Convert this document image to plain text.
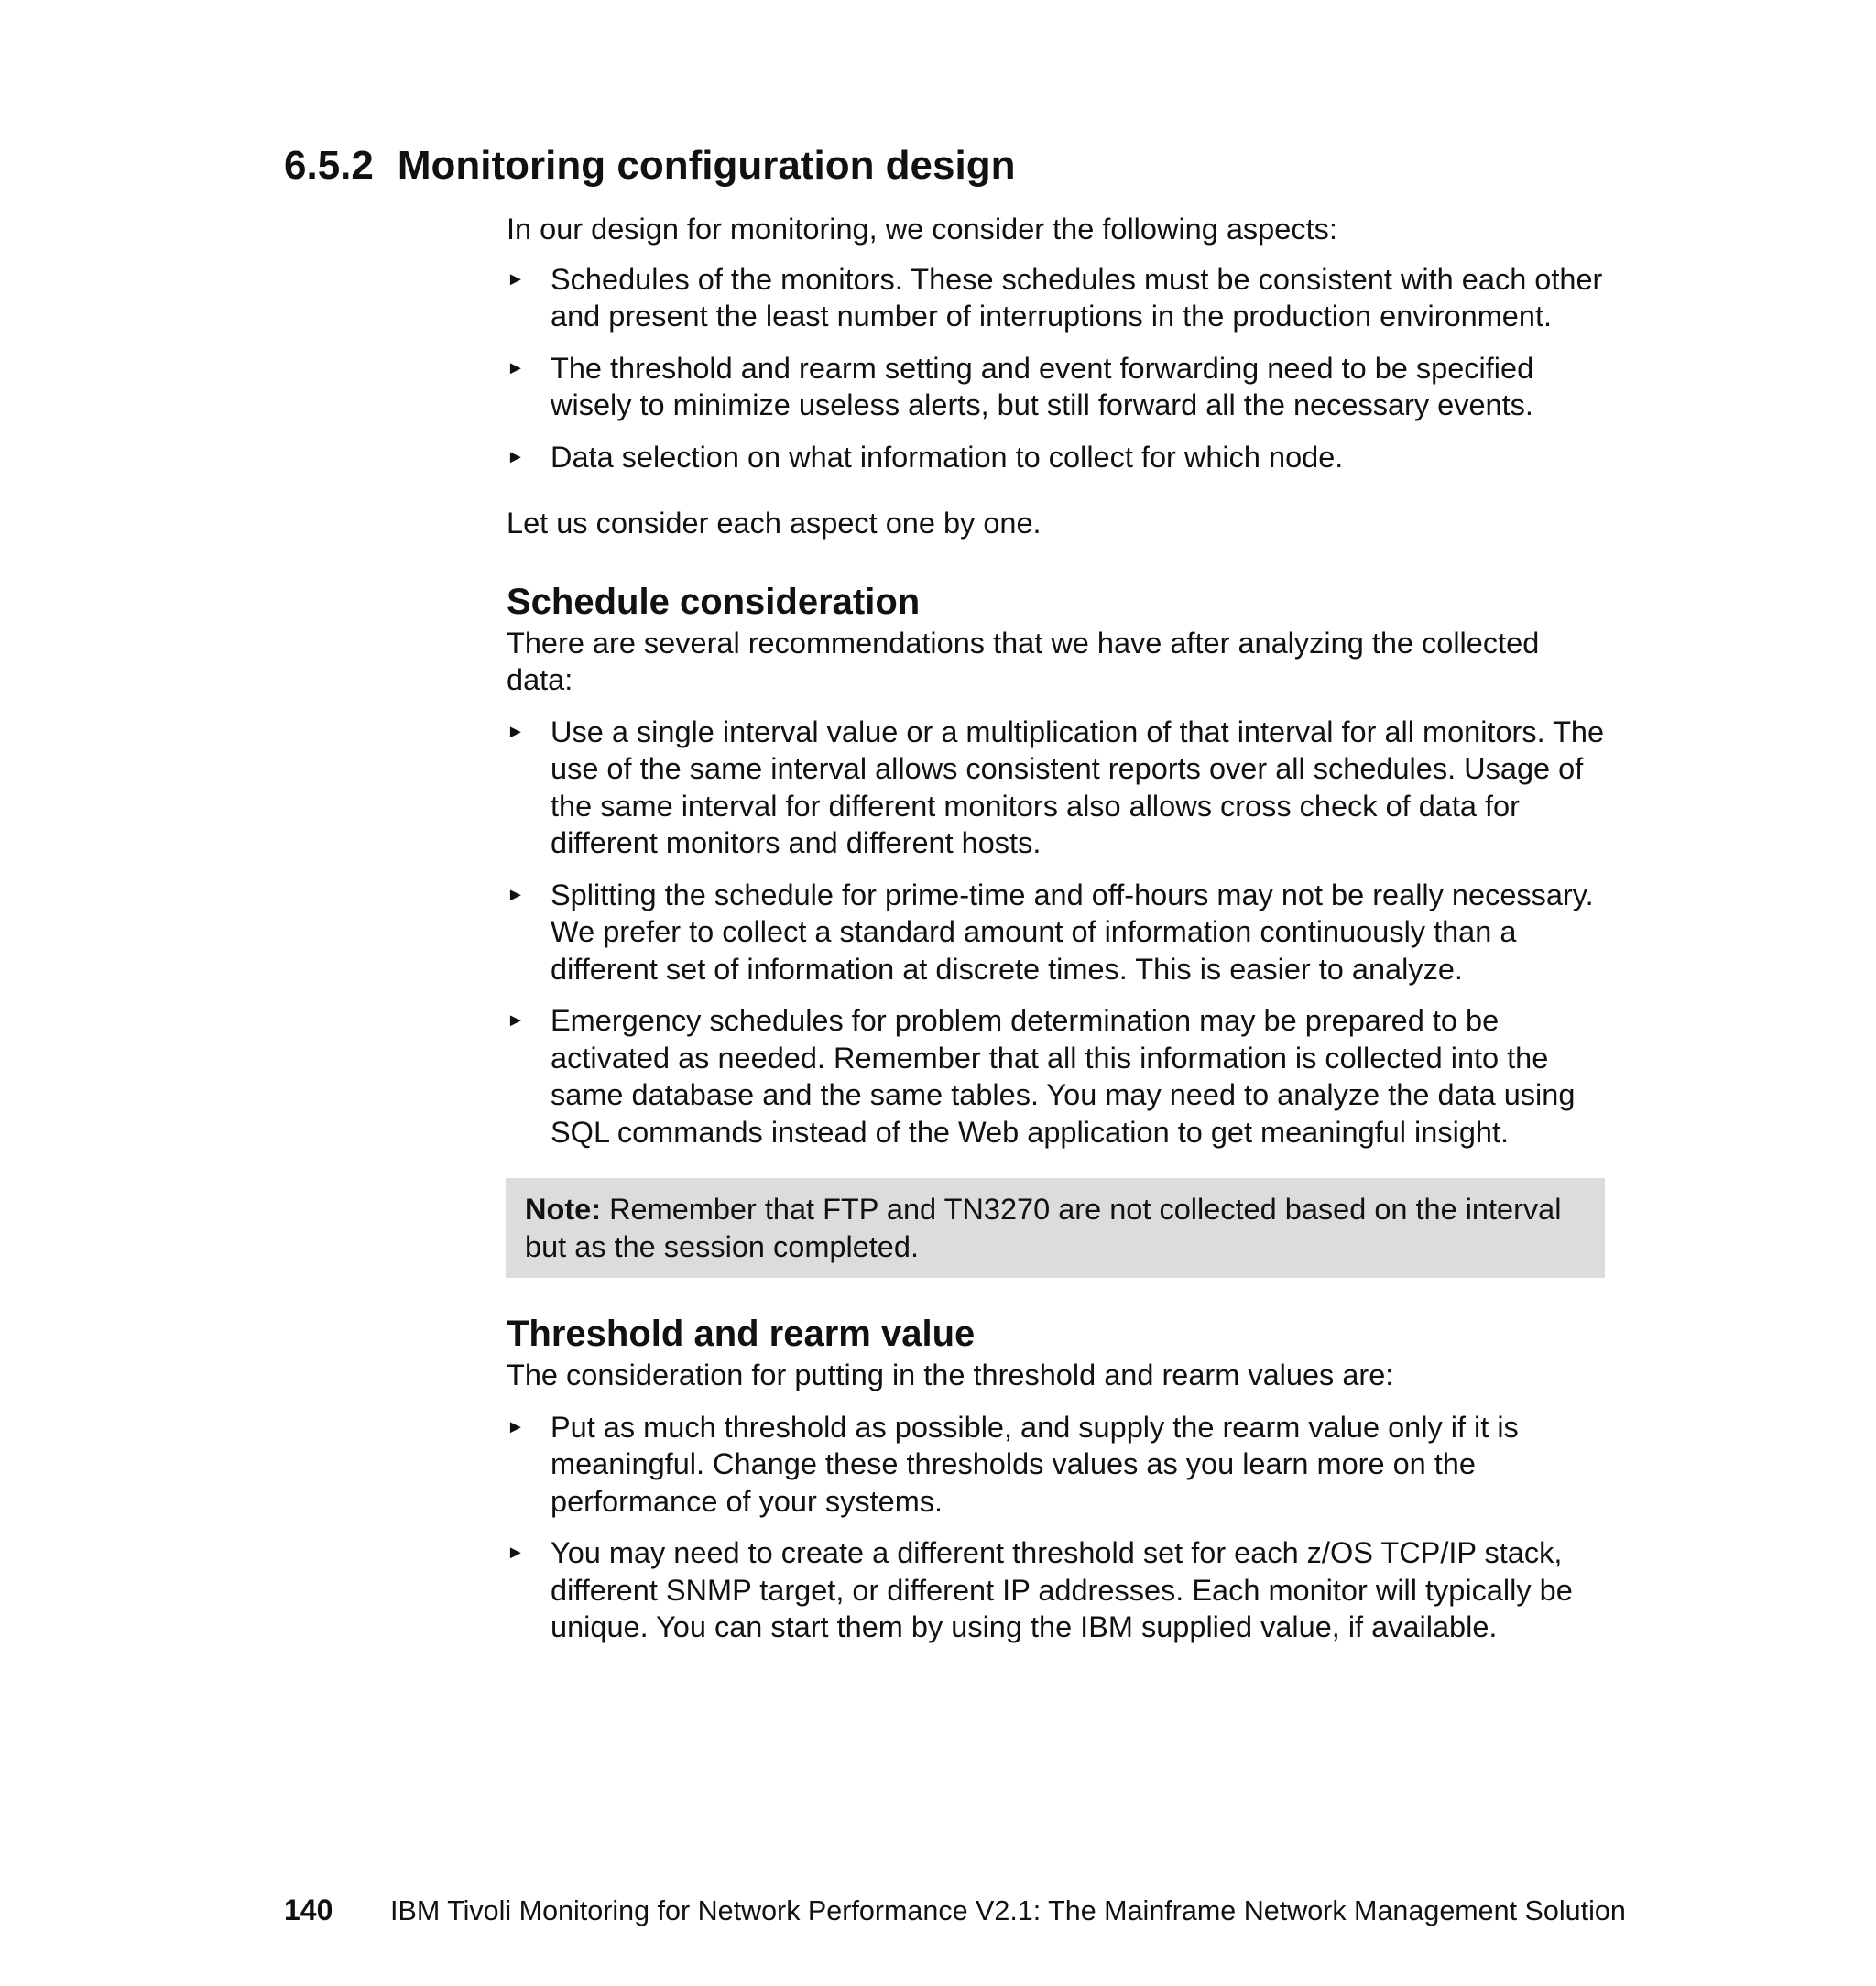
6.5.2 Monitoring configuration design

In our design for monitoring, we consider the following aspects:

► Schedules of the monitors. These schedules must be consistent with each other and present the least number of interruptions in the production environment.
► The threshold and rearm setting and event forwarding need to be specified wisely to minimize useless alerts, but still forward all the necessary events.
► Data selection on what information to collect for which node.

Let us consider each aspect one by one.

Schedule consideration

There are several recommendations that we have after analyzing the collected data:

► Use a single interval value or a multiplication of that interval for all monitors. The use of the same interval allows consistent reports over all schedules. Usage of the same interval for different monitors also allows cross check of data for different monitors and different hosts.
► Splitting the schedule for prime-time and off-hours may not be really necessary. We prefer to collect a standard amount of information continuously than a different set of information at discrete times. This is easier to analyze.
► Emergency schedules for problem determination may be prepared to be activated as needed. Remember that all this information is collected into the same database and the same tables. You may need to analyze the data using SQL commands instead of the Web application to get meaningful insight.
Note: Remember that FTP and TN3270 are not collected based on the interval but as the session completed.
Threshold and rearm value

The consideration for putting in the threshold and rearm values are:

► Put as much threshold as possible, and supply the rearm value only if it is meaningful. Change these thresholds values as you learn more on the performance of your systems.
► You may need to create a different threshold set for each z/OS TCP/IP stack, different SNMP target, or different IP addresses. Each monitor will typically be unique. You can start them by using the IBM supplied value, if available.
140 IBM Tivoli Monitoring for Network Performance V2.1: The Mainframe Network Management Solution
